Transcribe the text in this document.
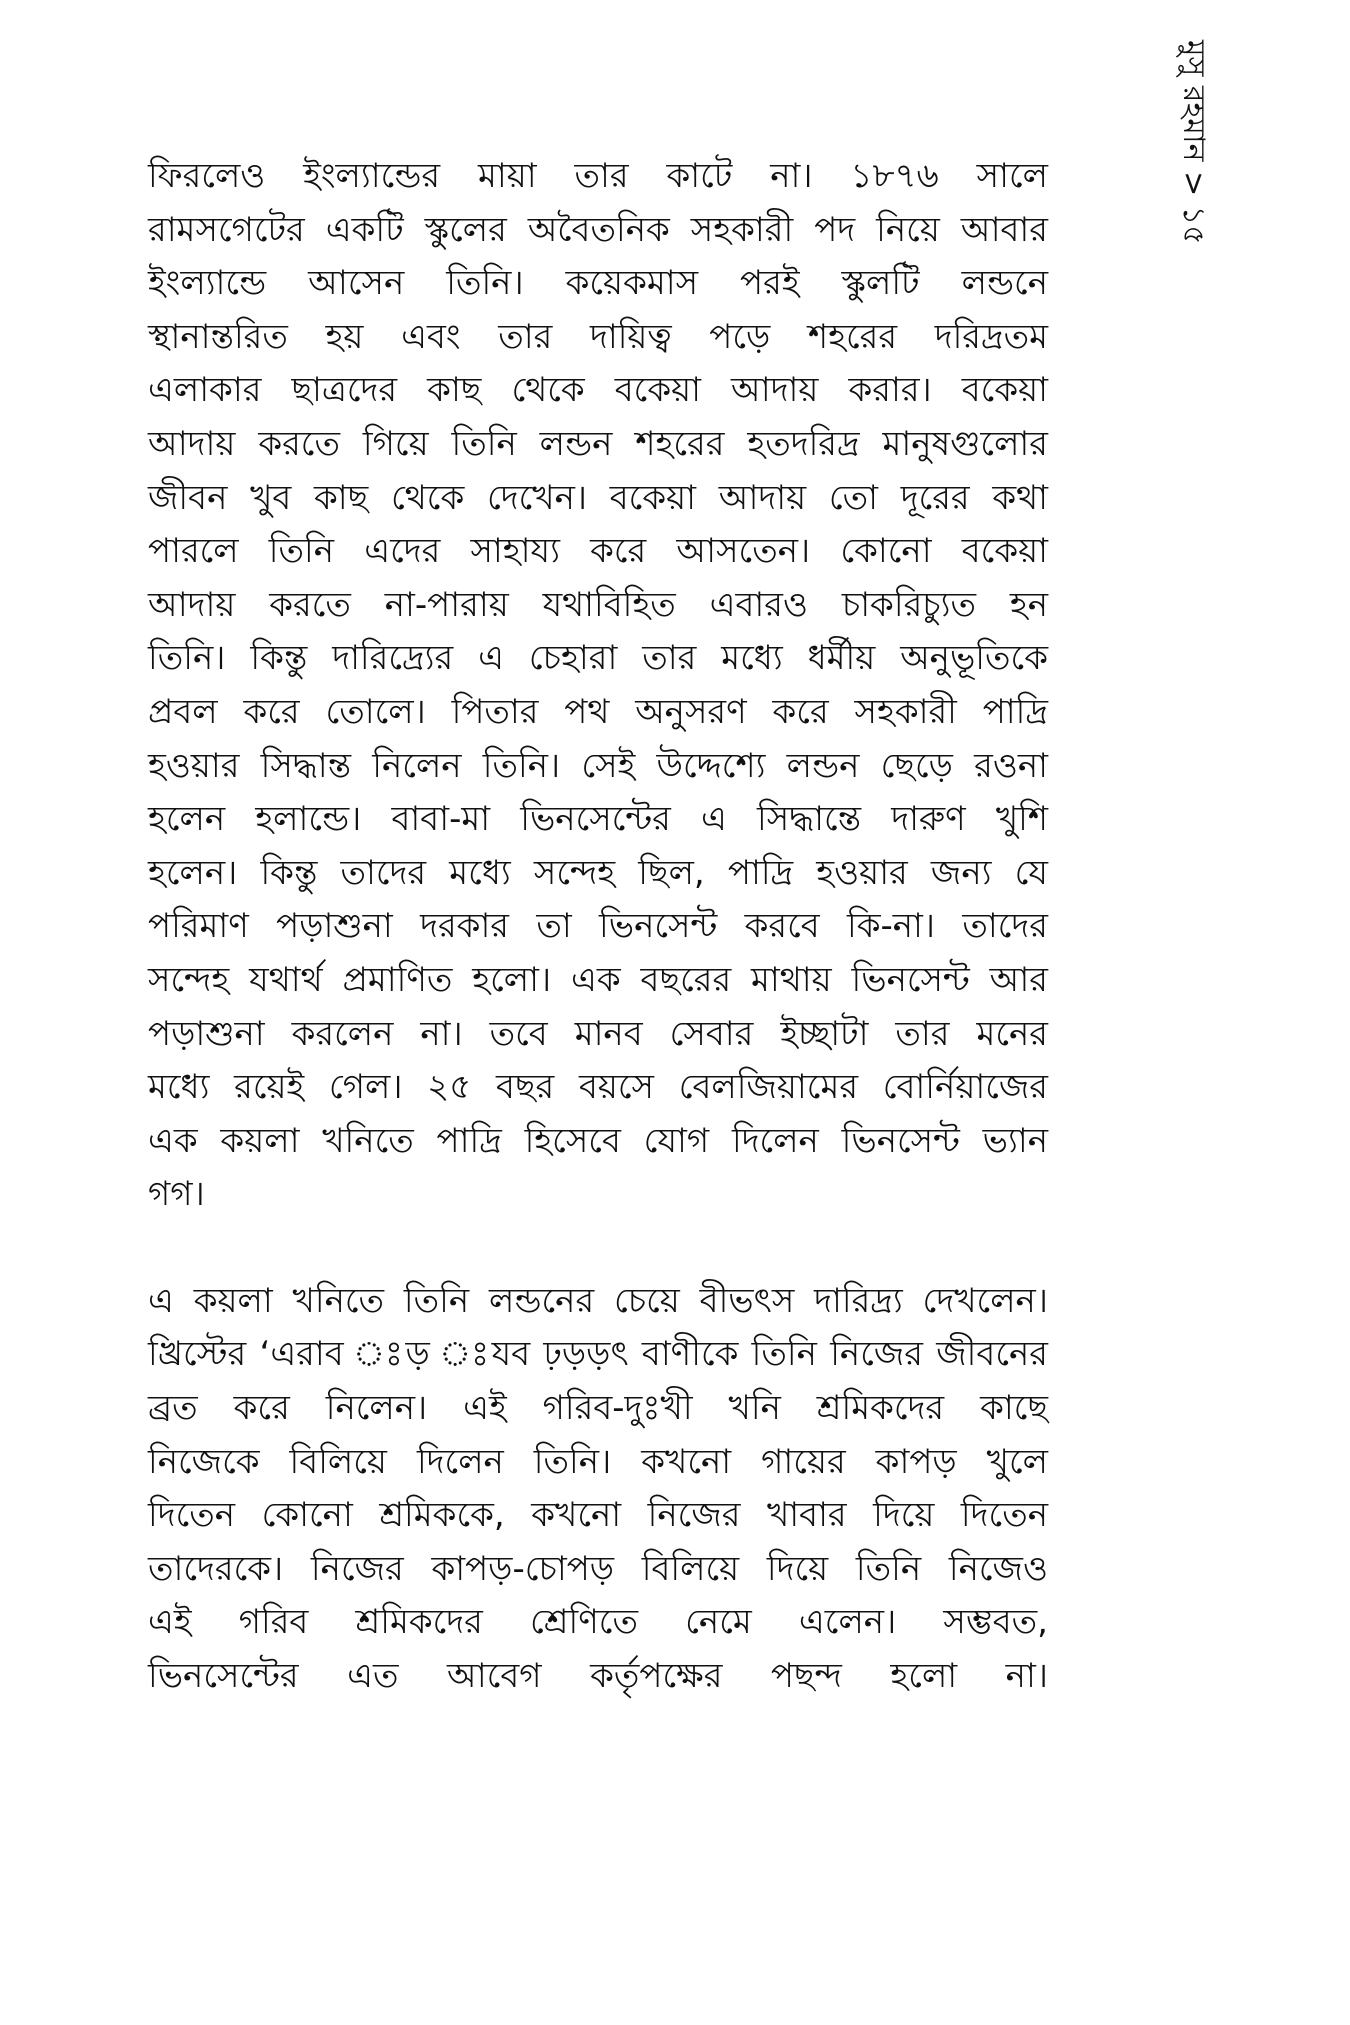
মুসু রহমান > ১৫

ফিরলেও ইংল্যান্ডের মায়া তার কাটে না। ১৮৭৬ সালে
রামসগেটের একটি স্কুলের অবৈতনিক সহকারী পদ নিয়ে আবার
ইংল্যান্ডে আসেন তিনি। কয়েকমাস পরই স্কুলটি লন্ডনে
স্থানান্তরিত হয় এবং তার দায়িত্ব পড়ে শহরের দরিদ্রতম
এলাকার ছাত্রদের কাছ থেকে বকেয়া আদায় করার। বকেয়া
আদায় করতে গিয়ে তিনি লন্ডন শহরের হতদরিদ্র মানুষগুলোর
জীবন খুব কাছ থেকে দেখেন। বকেয়া আদায় তো দূরের কথা
পারলে তিনি এদের সাহায্য করে আসতেন। কোনো বকেয়া
আদায় করতে না-পারায় যথাবিহিত এবারও চাকরিচ্যুত হন
তিনি। কিন্তু দারিদ্র্যের এ চেহারা তার মধ্যে ধর্মীয় অনুভূতিকে
প্রবল করে তোলে। পিতার পথ অনুসরণ করে সহকারী পাদ্রি
হওয়ার সিদ্ধান্ত নিলেন তিনি। সেই উদ্দেশ্যে লন্ডন ছেড়ে রওনা
হলেন হলান্ডে। বাবা-মা ভিনসেন্টের এ সিদ্ধান্তে দারুণ খুশি
হলেন। কিন্তু তাদের মধ্যে সন্দেহ ছিল, পাদ্রি হওয়ার জন্য যে
পরিমাণ পড়াশুনা দরকার তা ভিনসেন্ট করবে কি-না। তাদের
সন্দেহ যথার্থ প্রমাণিত হলো। এক বছরের মাথায় ভিনসেন্ট আর
পড়াশুনা করলেন না। তবে মানব সেবার ইচ্ছাটা তার মনের
মধ্যে রয়েই গেল। ২৫ বছর বয়সে বেলজিয়ামের বোর্নিয়াজের
এক কয়লা খনিতে পাদ্রি হিসেবে যোগ দিলেন ভিনসেন্ট ভ্যান
গগ।

এ কয়লা খনিতে তিনি লন্ডনের চেয়ে বীভৎস দারিদ্র্য দেখলেন।
খ্রিস্টের ‘এরাব ঃড় ঃযব ঢ়ড়ড়ৎ বাণীকে তিনি নিজের জীবনের
ব্রত করে নিলেন। এই গরিব-দুঃখী খনি শ্রমিকদের কাছে
নিজেকে বিলিয়ে দিলেন তিনি। কখনো গায়ের কাপড় খুলে
দিতেন কোনো শ্রমিককে, কখনো নিজের খাবার দিয়ে দিতেন
তাদেরকে। নিজের কাপড়-চোপড় বিলিয়ে দিয়ে তিনি নিজেও
এই গরিব শ্রমিকদের শ্রেণিতে নেমে এলেন। সম্ভবত,
ভিনসেন্টের এত আবেগ কর্তৃপক্ষের পছন্দ হলো না।
